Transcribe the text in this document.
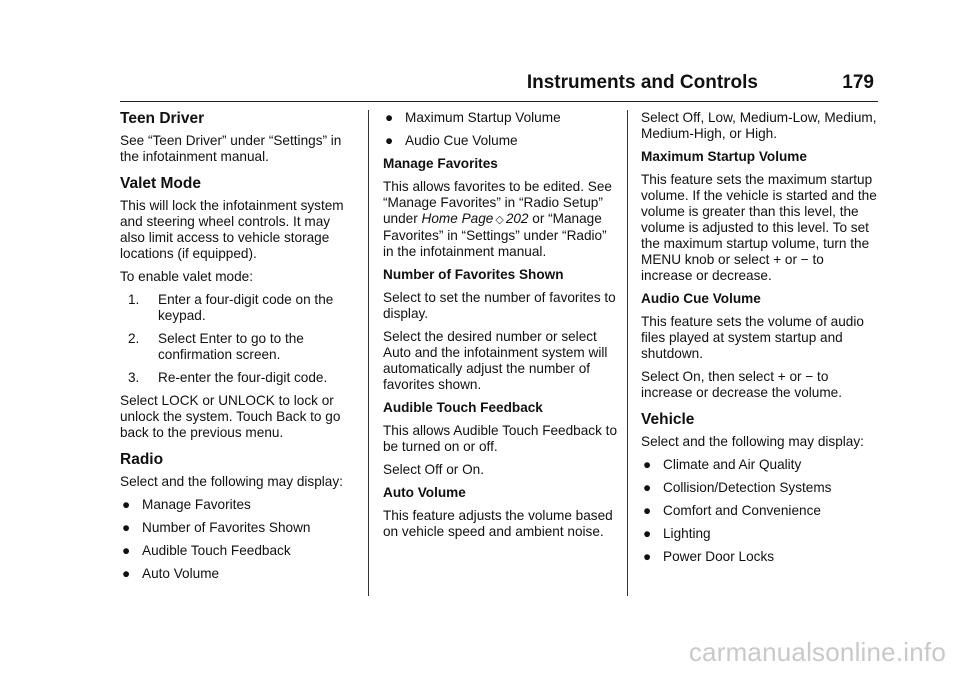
Instruments and Controls	179
Teen Driver

See “Teen Driver” under “Settings” in the infotainment manual.

Valet Mode

This will lock the infotainment system and steering wheel controls. It may also limit access to vehicle storage locations (if equipped).

To enable valet mode:

1.	Enter a four-digit code on the keypad.
2.	Select Enter to go to the confirmation screen.
3.	Re-enter the four-digit code.

Select LOCK or UNLOCK to lock or unlock the system. Touch Back to go back to the previous menu.

Radio

Select and the following may display:

● Manage Favorites
● Number of Favorites Shown
● Audible Touch Feedback
● Auto Volume
● Maximum Startup Volume
● Audio Cue Volume
Manage Favorites

This allows favorites to be edited. See “Manage Favorites” in “Radio Setup” under Home Page ◇ 202 or “Manage Favorites” in “Settings” under “Radio” in the infotainment manual.

Number of Favorites Shown

Select to set the number of favorites to display.

Select the desired number or select Auto and the infotainment system will automatically adjust the number of favorites shown.

Audible Touch Feedback

This allows Audible Touch Feedback to be turned on or off.

Select Off or On.

Auto Volume

This feature adjusts the volume based on vehicle speed and ambient noise.

Select Off, Low, Medium-Low, Medium, Medium-High, or High.

Maximum Startup Volume

This feature sets the maximum startup volume. If the vehicle is started and the volume is greater than this level, the volume is adjusted to this level. To set the maximum startup volume, turn the MENU knob or select + or − to increase or decrease.

Audio Cue Volume

This feature sets the volume of audio files played at system startup and shutdown.

Select On, then select + or − to increase or decrease the volume.

Vehicle

Select and the following may display:

● Climate and Air Quality
● Collision/Detection Systems
● Comfort and Convenience
● Lighting
● Power Door Locks
carmanualsonline.info
